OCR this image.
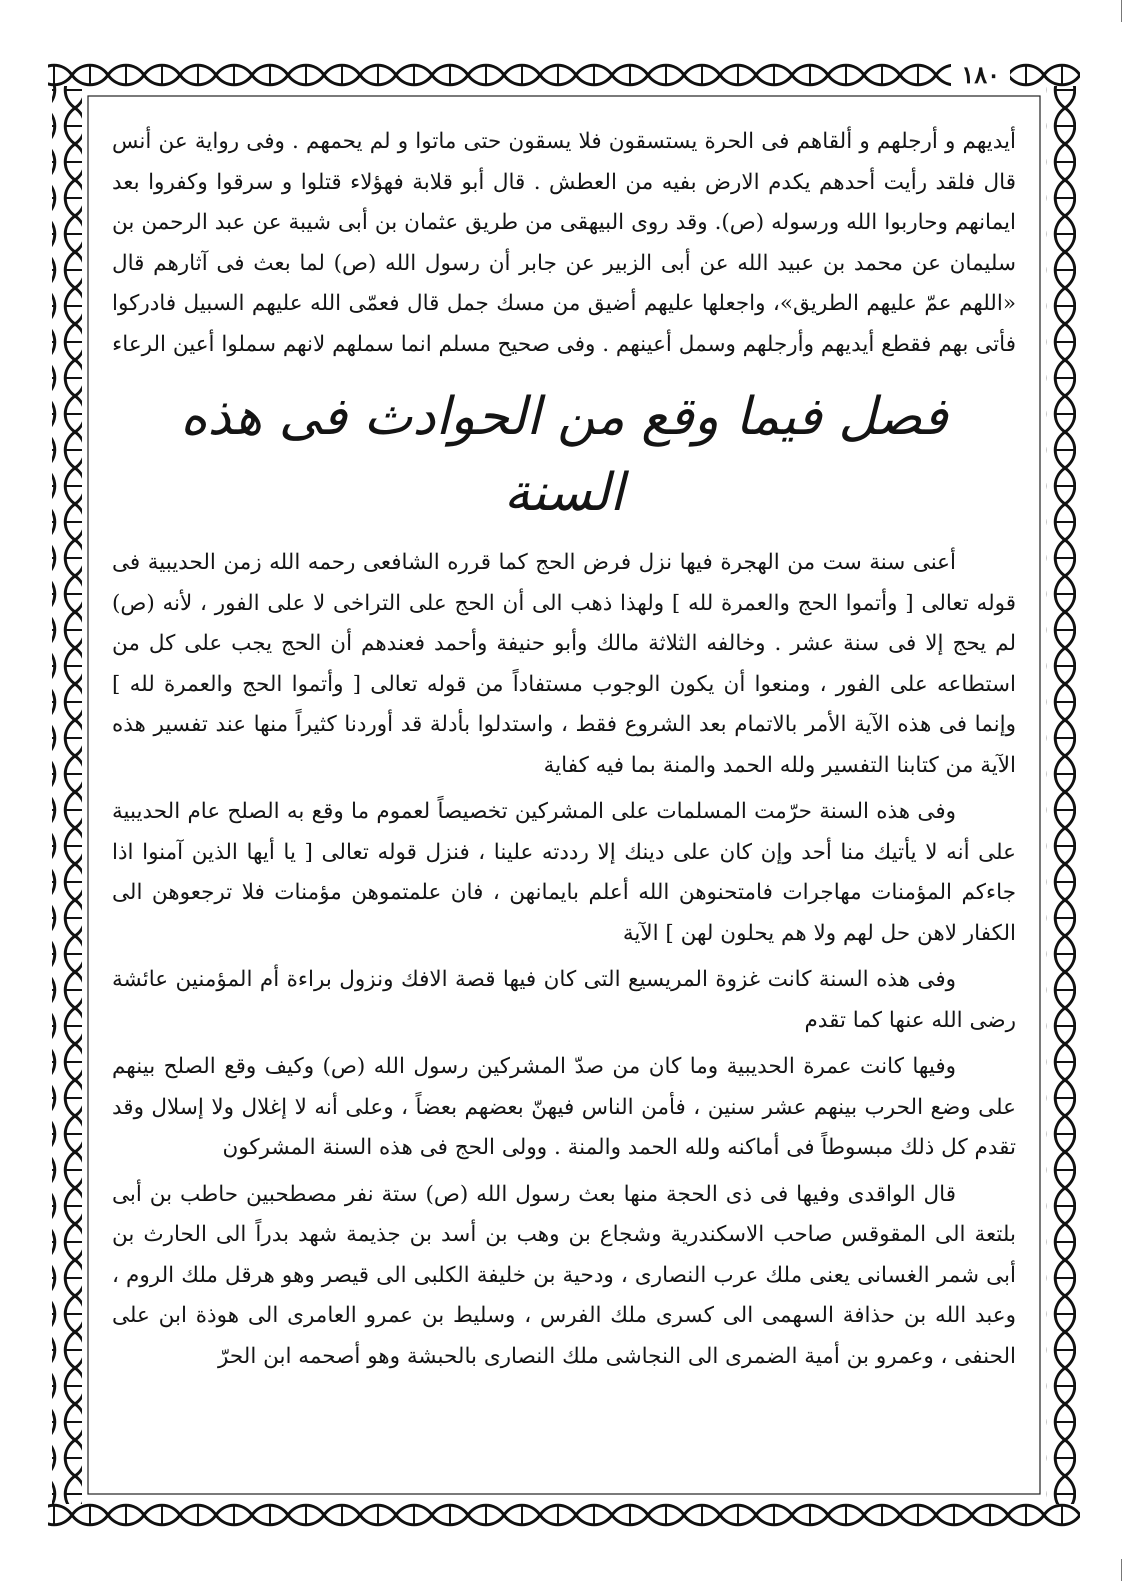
١٨٠

أيديهم و أرجلهم و ألقاهم فى الحرة يستسقون فلا يسقون حتى ماتوا و لم يحمهم . وفى رواية عن أنس قال فلقد رأيت أحدهم يكدم الارض بفيه من العطش . قال أبو قلابة فهؤلاء قتلوا و سرقوا وكفروا بعد ايمانهم وحاربوا الله ورسوله (ص). وقد روى البيهقى من طريق عثمان بن أبى شيبة عن عبد الرحمن بن سليمان عن محمد بن عبيد الله عن أبى الزبير عن جابر أن رسول الله (ص) لما بعث فى آثارهم قال «اللهم عمّ عليهم الطريق»، واجعلها عليهم أضيق من مسك جمل قال فعمّى الله عليهم السبيل فادركوا فأتى بهم فقطع أيديهم وأرجلهم وسمل أعينهم . وفى صحيح مسلم انما سملهم لانهم سملوا أعين الرعاء

فصل فيما وقع من الحوادث فى هذه السنة

أعنى سنة ست من الهجرة فيها نزل فرض الحج كما قرره الشافعى رحمه الله زمن الحديبية فى قوله تعالى [ وأتموا الحج والعمرة لله ] ولهذا ذهب الى أن الحج على التراخى لا على الفور ، لأنه (ص) لم يحج إلا فى سنة عشر . وخالفه الثلاثة مالك وأبو حنيفة وأحمد فعندهم أن الحج يجب على كل من استطاعه على الفور ، ومنعوا أن يكون الوجوب مستفاداً من قوله تعالى [ وأتموا الحج والعمرة لله ] وإنما فى هذه الآية الأمر بالاتمام بعد الشروع فقط ، واستدلوا بأدلة قد أوردنا كثيراً منها عند تفسير هذه الآية من كتابنا التفسير ولله الحمد والمنة بما فيه كفاية

وفى هذه السنة حرّمت المسلمات على المشركين تخصيصاً لعموم ما وقع به الصلح عام الحديبية على أنه لا يأتيك منا أحد وإن كان على دينك إلا رددته علينا ، فنزل قوله تعالى [ يا أيها الذين آمنوا اذا جاءكم المؤمنات مهاجرات فامتحنوهن الله أعلم بايمانهن ، فان علمتموهن مؤمنات فلا ترجعوهن الى الكفار لاهن حل لهم ولا هم يحلون لهن ] الآية

وفى هذه السنة كانت غزوة المريسيع التى كان فيها قصة الافك ونزول براءة أم المؤمنين عائشة رضى الله عنها كما تقدم

وفيها كانت عمرة الحديبية وما كان من صدّ المشركين رسول الله (ص) وكيف وقع الصلح بينهم على وضع الحرب بينهم عشر سنين ، فأمن الناس فيهنّ بعضهم بعضاً ، وعلى أنه لا إغلال ولا إسلال وقد تقدم كل ذلك مبسوطاً فى أماكنه ولله الحمد والمنة . وولى الحج فى هذه السنة المشركون

قال الواقدى وفيها فى ذى الحجة منها بعث رسول الله (ص) ستة نفر مصطحبين حاطب بن أبى بلتعة الى المقوقس صاحب الاسكندرية وشجاع بن وهب بن أسد بن جذيمة شهد بدراً الى الحارث بن أبى شمر الغسانى يعنى ملك عرب النصارى ، ودحية بن خليفة الكلبى الى قيصر وهو هرقل ملك الروم ، وعبد الله بن حذافة السهمى الى كسرى ملك الفرس ، وسليط بن عمرو العامرى الى هوذة ابن على الحنفى ، وعمرو بن أمية الضمرى الى النجاشى ملك النصارى بالحبشة وهو أصحمه ابن الحرّ
